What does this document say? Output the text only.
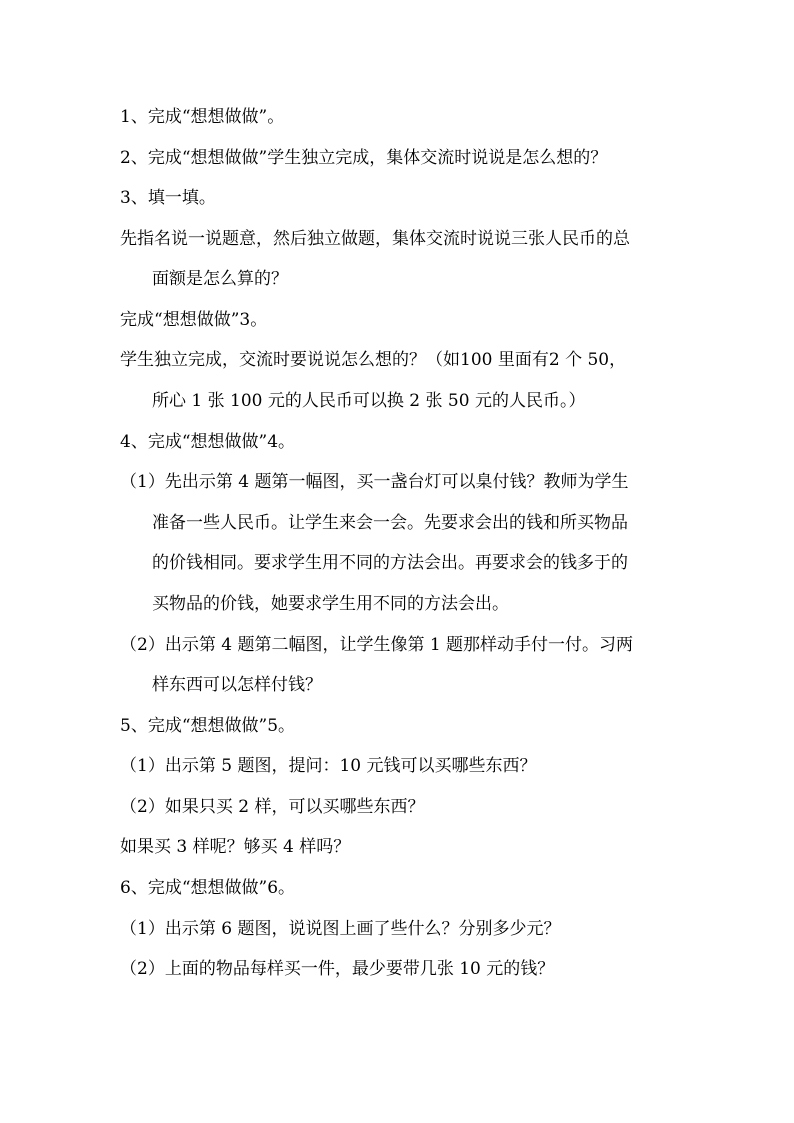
1、完成“想想做做”。

2、完成“想想做做”学生独立完成，集体交流时说说是怎么想的？

3、填一填。

先指名说一说题意，然后独立做题，集体交流时说说三张人民币的总

面额是怎么算的？

完成“想想做做”3。

学生独立完成，交流时要说说怎么想的？（如100 里面有2 个 50，

所心 1 张 100 元的人民币可以换 2 张 50 元的人民币。）

4、完成“想想做做”4。

（1）先出示第 4 题第一幅图，买一盏台灯可以臬付钱？教师为学生

准备一些人民币。让学生来会一会。先要求会出的钱和所买物品

的价钱相同。要求学生用不同的方法会出。再要求会的钱多于的

买物品的价钱，她要求学生用不同的方法会出。

（2）出示第 4 题第二幅图，让学生像第 1 题那样动手付一付。习两

样东西可以怎样付钱？

5、完成“想想做做”5。

（1）出示第 5 题图，提问：10 元钱可以买哪些东西？

（2）如果只买 2 样，可以买哪些东西？

如果买 3 样呢？够买 4 样吗？

6、完成“想想做做”6。

（1）出示第 6 题图，说说图上画了些什么？分别多少元？

（2）上面的物品每样买一件，最少要带几张 10 元的钱？
